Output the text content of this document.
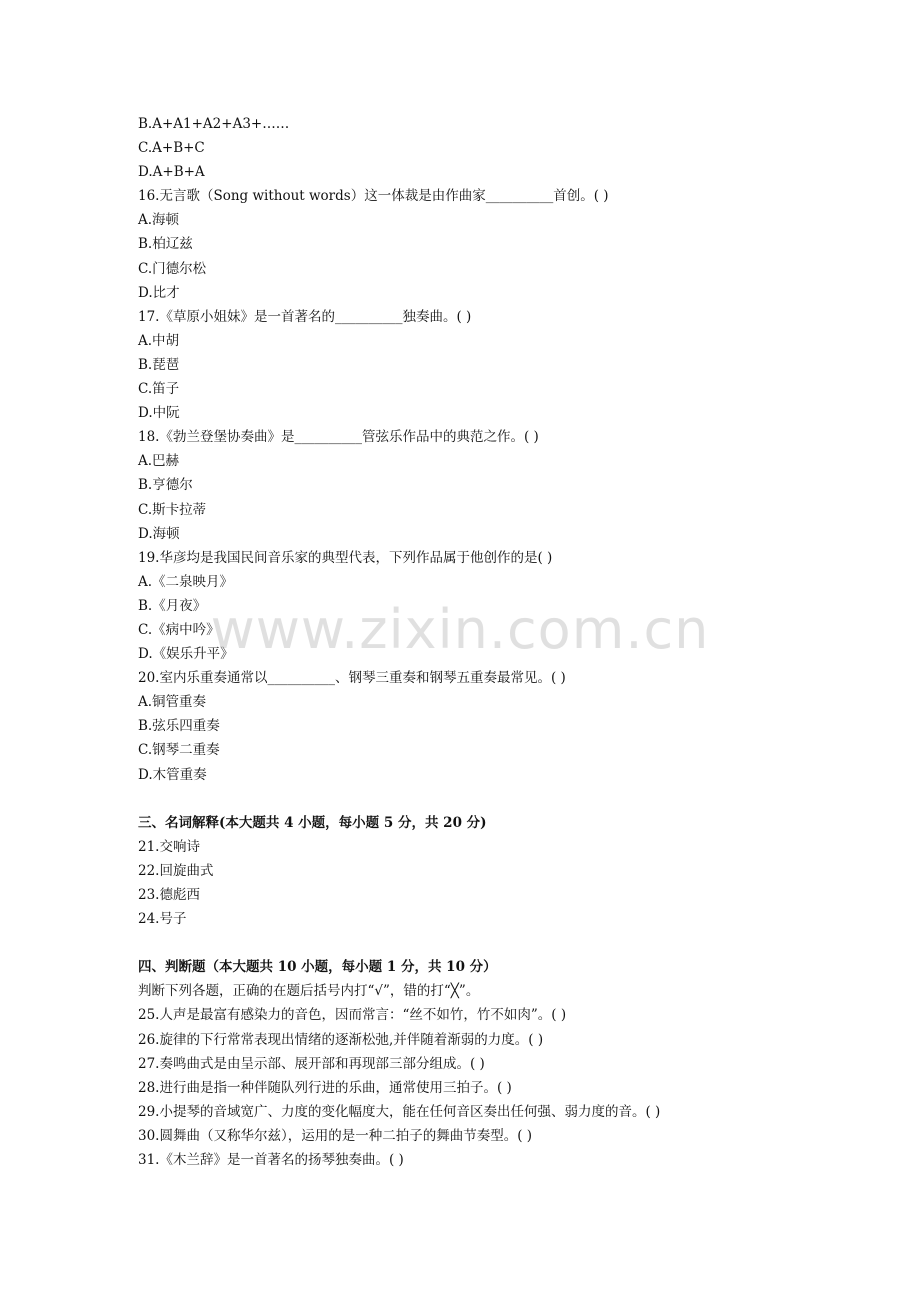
B.A+A1+A2+A3+……
C.A+B+C
D.A+B+A
16.无言歌（Song without words）这一体裁是由作曲家__________首创。( )
A.海顿
B.柏辽兹
C.门德尔松
D.比才
17.《草原小姐妹》是一首著名的__________独奏曲。( )
A.中胡
B.琵琶
C.笛子
D.中阮
18.《勃兰登堡协奏曲》是__________管弦乐作品中的典范之作。( )
A.巴赫
B.亨德尔
C.斯卡拉蒂
D.海顿
19.华彦均是我国民间音乐家的典型代表，下列作品属于他创作的是( )
A.《二泉映月》
B.《月夜》
C.《病中吟》
D.《娱乐升平》
20.室内乐重奏通常以__________、钢琴三重奏和钢琴五重奏最常见。( )
A.铜管重奏
B.弦乐四重奏
C.钢琴二重奏
D.木管重奏
三、名词解释(本大题共 4 小题，每小题 5 分，共 20 分)
21.交响诗
22.回旋曲式
23.德彪西
24.号子
四、判断题（本大题共 10 小题，每小题 1 分，共 10 分）
判断下列各题，正确的在题后括号内打“√”，错的打“╳”。
25.人声是最富有感染力的音色，因而常言：“丝不如竹，竹不如肉”。( )
26.旋律的下行常常表现出情绪的逐渐松弛,并伴随着渐弱的力度。( )
27.奏鸣曲式是由呈示部、展开部和再现部三部分组成。( )
28.进行曲是指一种伴随队列行进的乐曲，通常使用三拍子。( )
29.小提琴的音域宽广、力度的变化幅度大，能在任何音区奏出任何强、弱力度的音。( )
30.圆舞曲（又称华尔兹），运用的是一种二拍子的舞曲节奏型。( )
31.《木兰辞》是一首著名的扬琴独奏曲。( )
www.zixin.com.cn
